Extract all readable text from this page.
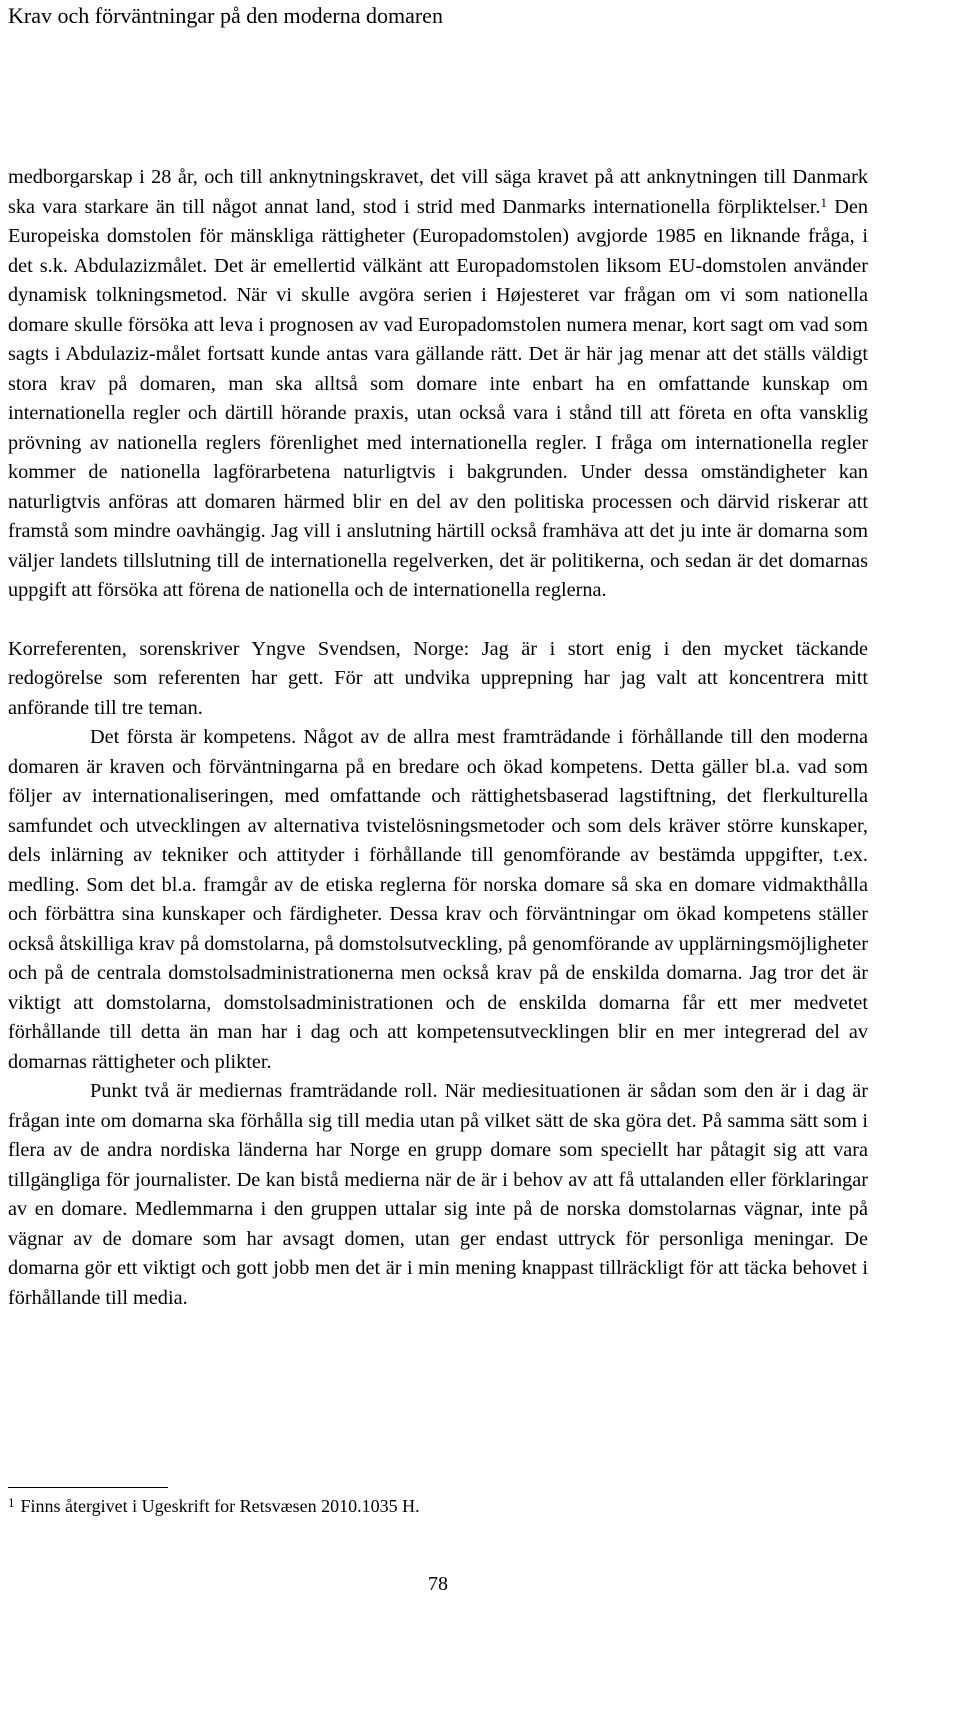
Krav och förväntningar på den moderna domaren

medborgarskap i 28 år, och till anknytningskravet, det vill säga kravet på att anknytningen till Danmark ska vara starkare än till något annat land, stod i strid med Danmarks internationella förpliktelser.$^1$ Den Europeiska domstolen för mänskliga rättigheter (Europadomstolen) avgjorde 1985 en liknande fråga, i det s.k. Abdulazizmålet. Det är emellertid välkänt att Europadomstolen liksom EU-domstolen använder dynamisk tolkningsmetod. När vi skulle avgöra serien i Højesteret var frågan om vi som nationella domare skulle försöka att leva i prognosen av vad Europadomstolen numera menar, kort sagt om vad som sagts i Abdulaziz-målet fortsatt kunde antas vara gällande rätt. Det är här jag menar att det ställs väldigt stora krav på domaren, man ska alltså som domare inte enbart ha en omfattande kunskap om internationella regler och därtill hörande praxis, utan också vara i stånd till att företa en ofta vansklig prövning av nationella reglers förenlighet med internationella regler. I fråga om internationella regler kommer de nationella lagförarbetena naturligtvis i bakgrunden. Under dessa omständigheter kan naturligtvis anföras att domaren härmed blir en del av den politiska processen och därvid riskerar att framstå som mindre oavhängig. Jag vill i anslutning härtill också framhäva att det ju inte är domarna som väljer landets tillslutning till de internationella regelverken, det är politikerna, och sedan är det domarnas uppgift att försöka att förena de nationella och de internationella reglerna.

Korreferenten, sorenskriver Yngve Svendsen, Norge: Jag är i stort enig i den mycket täckande redogörelse som referenten har gett. För att undvika upprepning har jag valt att koncentrera mitt anförande till tre teman.

Det första är kompetens. Något av de allra mest framträdande i förhållande till den moderna domaren är kraven och förväntningarna på en bredare och ökad kompetens. Detta gäller bl.a. vad som följer av internationaliseringen, med omfattande och rättighetsbaserad lagstiftning, det flerkulturella samfundet och utvecklingen av alternativa tvistelösningsmetoder och som dels kräver större kunskaper, dels inlärning av tekniker och attityder i förhållande till genomförande av bestämda uppgifter, t.ex. medling. Som det bl.a. framgår av de etiska reglerna för norska domare så ska en domare vidmakthålla och förbättra sina kunskaper och färdigheter. Dessa krav och förväntningar om ökad kompetens ställer också åtskilliga krav på domstolarna, på domstolsutveckling, på genomförande av upplärningsmöjligheter och på de centrala domstolsadministrationerna men också krav på de enskilda domarna. Jag tror det är viktigt att domstolarna, domstolsadministrationen och de enskilda domarna får ett mer medvetet förhållande till detta än man har i dag och att kompetensutvecklingen blir en mer integrerad del av domarnas rättigheter och plikter.

Punkt två är mediernas framträdande roll. När mediesituationen är sådan som den är i dag är frågan inte om domarna ska förhålla sig till media utan på vilket sätt de ska göra det. På samma sätt som i flera av de andra nordiska länderna har Norge en grupp domare som speciellt har påtagit sig att vara tillgängliga för journalister. De kan bistå medierna när de är i behov av att få uttalanden eller förklaringar av en domare. Medlemmarna i den gruppen uttalar sig inte på de norska domstolarnas vägnar, inte på vägnar av de domare som har avsagt domen, utan ger endast uttryck för personliga meningar. De domarna gör ett viktigt och gott jobb men det är i min mening knappast tillräckligt för att täcka behovet i förhållande till media.

$^1$ Finns återgivet i Ugeskrift for Retsvæsen 2010.1035 H.
78
